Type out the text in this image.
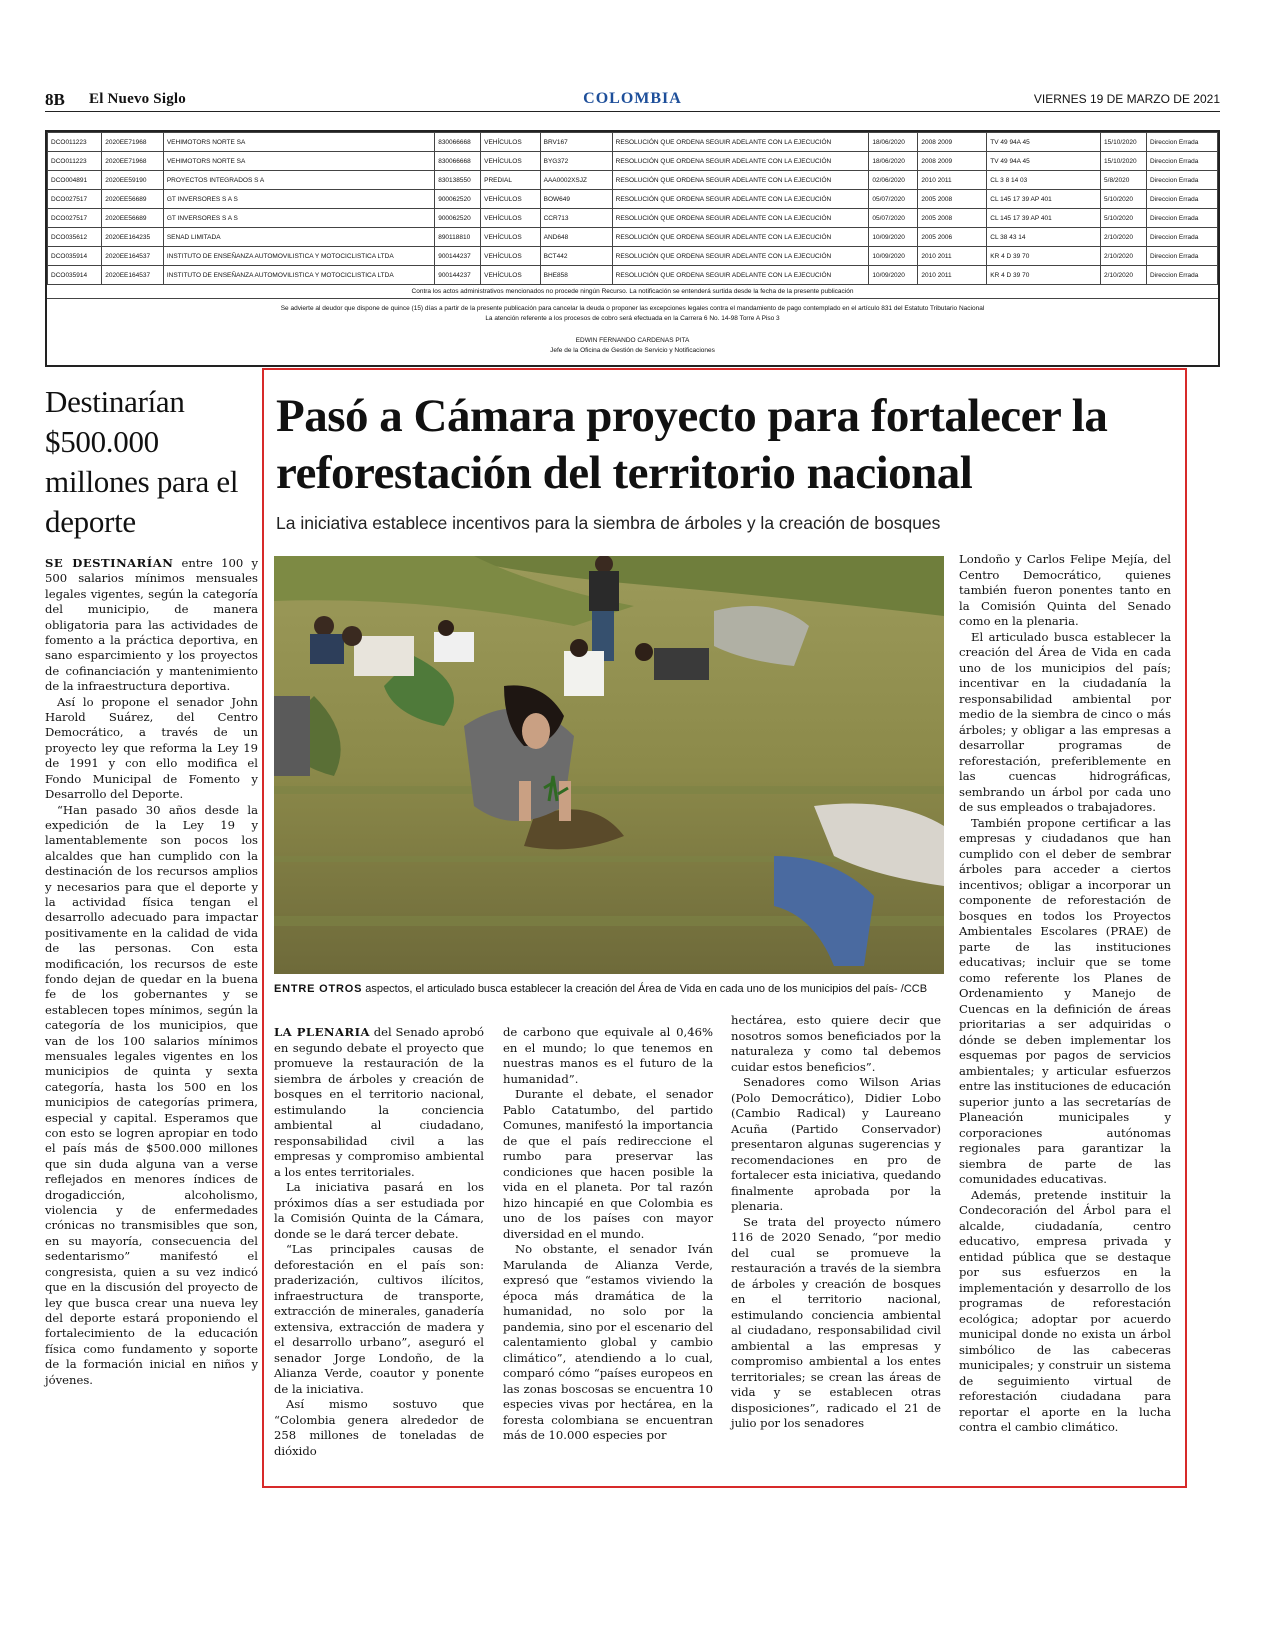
8B El Nuevo Siglo	COLOMBIA	VIERNES 19 DE MARZO DE 2021
DCO011223	2020EE71968	VEHIMOTORS NORTE SA	830066668	VEHÍCULOS	BRV167	RESOLUCIÓN QUE ORDENA SEGUIR ADELANTE CON LA EJECUCIÓN	18/06/2020	2008 2009	TV 49 94A 45	15/10/2020	Direccion Errada
DCO011223	2020EE71968	VEHIMOTORS NORTE SA	830066668	VEHÍCULOS	BYG372	RESOLUCIÓN QUE ORDENA SEGUIR ADELANTE CON LA EJECUCIÓN	18/06/2020	2008 2009	TV 49 94A 45	15/10/2020	Direccion Errada
DCO004891	2020EE59190	PROYECTOS INTEGRADOS S A	830138550	PREDIAL	AAA0002XSJZ	RESOLUCIÓN QUE ORDENA SEGUIR ADELANTE CON LA EJECUCIÓN	02/06/2020	2010 2011	CL 3 8 14 03	5/8/2020	Direccion Errada
DCO027517	2020EE56689	GT INVERSORES S A S	900062520	VEHÍCULOS	BOW649	RESOLUCIÓN QUE ORDENA SEGUIR ADELANTE CON LA EJECUCIÓN	05/07/2020	2005 2008	CL 145 17 39 AP 401	5/10/2020	Direccion Errada
DCO027517	2020EE56689	GT INVERSORES S A S	900062520	VEHÍCULOS	CCR713	RESOLUCIÓN QUE ORDENA SEGUIR ADELANTE CON LA EJECUCIÓN	05/07/2020	2005 2008	CL 145 17 39 AP 401	5/10/2020	Direccion Errada
DCO035612	2020EE164235	SENAD LIMITADA	890118810	VEHÍCULOS	AND648	RESOLUCIÓN QUE ORDENA SEGUIR ADELANTE CON LA EJECUCIÓN	10/09/2020	2005 2006	CL 38 43 14	2/10/2020	Direccion Errada
DCO035914	2020EE164537	INSTITUTO DE ENSEÑANZA AUTOMOVILISTICA Y MOTOCICLISTICA LTDA	900144237	VEHÍCULOS	BCT442	RESOLUCIÓN QUE ORDENA SEGUIR ADELANTE CON LA EJECUCIÓN	10/09/2020	2010 2011	KR 4 D 39 70	2/10/2020	Direccion Errada
DCO035914	2020EE164537	INSTITUTO DE ENSEÑANZA AUTOMOVILISTICA Y MOTOCICLISTICA LTDA	900144237	VEHÍCULOS	BHE858	RESOLUCIÓN QUE ORDENA SEGUIR ADELANTE CON LA EJECUCIÓN	10/09/2020	2010 2011	KR 4 D 39 70	2/10/2020	Direccion Errada
Contra los actos administrativos mencionados no procede ningún Recurso. La notificación se entenderá surtida desde la fecha de la presente publicación
Se advierte al deudor que dispone de quince (15) días a partir de la presente publicación para cancelar la deuda o proponer las excepciones legales contra el mandamiento de pago contemplado en el artículo 831 del Estatuto Tributario Nacional
La atención referente a los procesos de cobro será efectuada en la Carrera 6 No. 14-98 Torre A Piso 3
EDWIN FERNANDO CARDENAS PITA
Jefe de la Oficina de Gestión de Servicio y Notificaciones
Destinarían $500.000 millones para el deporte

SE DESTINARÍAN entre 100 y 500 salarios mínimos mensuales legales vigentes, según la categoría del municipio, de manera obligatoria para las actividades de fomento a la práctica deportiva, en sano esparcimiento y los proyectos de cofinanciación y mantenimiento de la infraestructura deportiva.

Así lo propone el senador John Harold Suárez, del Centro Democrático, a través de un proyecto ley que reforma la Ley 19 de 1991 y con ello modifica el Fondo Municipal de Fomento y Desarrollo del Deporte.

“Han pasado 30 años desde la expedición de la Ley 19 y lamentablemente son pocos los alcaldes que han cumplido con la destinación de los recursos amplios y necesarios para que el deporte y la actividad física tengan el desarrollo adecuado para impactar positivamente en la calidad de vida de las personas. Con esta modificación, los recursos de este fondo dejan de quedar en la buena fe de los gobernantes y se establecen topes mínimos, según la categoría de los municipios, que van de los 100 salarios mínimos mensuales legales vigentes en los municipios de quinta y sexta categoría, hasta los 500 en los municipios de categorías primera, especial y capital. Esperamos que con esto se logren apropiar en todo el país más de $500.000 millones que sin duda alguna van a verse reflejados en menores índices de drogadicción, alcoholismo, violencia y de enfermedades crónicas no transmisibles que son, en su mayoría, consecuencia del sedentarismo” manifestó el congresista, quien a su vez indicó que en la discusión del proyecto de ley que busca crear una nueva ley del deporte estará proponiendo el fortalecimiento de la educación física como fundamento y soporte de la formación inicial en niños y jóvenes.

Pasó a Cámara proyecto para fortalecer la reforestación del territorio nacional
La iniciativa establece incentivos para la siembra de árboles y la creación de bosques
ENTRE OTROS aspectos, el articulado busca establecer la creación del Área de Vida en cada uno de los municipios del país- /CCB

LA PLENARIA del Senado aprobó en segundo debate el proyecto que promueve la restauración de la siembra de árboles y creación de bosques en el territorio nacional, estimulando la conciencia ambiental al ciudadano, responsabilidad civil a las empresas y compromiso ambiental a los entes territoriales.

La iniciativa pasará en los próximos días a ser estudiada por la Comisión Quinta de la Cámara, donde se le dará tercer debate.

“Las principales causas de deforestación en el país son: praderización, cultivos ilícitos, infraestructura de transporte, extracción de minerales, ganadería extensiva, extracción de madera y el desarrollo urbano”, aseguró el senador Jorge Londoño, de la Alianza Verde, coautor y ponente de la iniciativa.

Así mismo sostuvo que “Colombia genera alrededor de 258 millones de toneladas de dióxido

de carbono que equivale al 0,46% en el mundo; lo que tenemos en nuestras manos es el futuro de la humanidad”.

Durante el debate, el senador Pablo Catatumbo, del partido Comunes, manifestó la importancia de que el país redireccione el rumbo para preservar las condiciones que hacen posible la vida en el planeta. Por tal razón hizo hincapié en que Colombia es uno de los países con mayor diversidad en el mundo.

No obstante, el senador Iván Marulanda de Alianza Verde, expresó que “estamos viviendo la época más dramática de la humanidad, no solo por la pandemia, sino por el escenario del calentamiento global y cambio climático”, atendiendo a lo cual, comparó cómo “países europeos en las zonas boscosas se encuentra 10 especies vivas por hectárea, en la foresta colombiana se encuentran más de 10.000 especies por

hectárea, esto quiere decir que nosotros somos beneficiados por la naturaleza y como tal debemos cuidar estos beneficios”.

Senadores como Wilson Arias (Polo Democrático), Didier Lobo (Cambio Radical) y Laureano Acuña (Partido Conservador) presentaron algunas sugerencias y recomendaciones en pro de fortalecer esta iniciativa, quedando finalmente aprobada por la plenaria.

Se trata del proyecto número 116 de 2020 Senado, “por medio del cual se promueve la restauración a través de la siembra de árboles y creación de bosques en el territorio nacional, estimulando conciencia ambiental al ciudadano, responsabilidad civil ambiental a las empresas y compromiso ambiental a los entes territoriales; se crean las áreas de vida y se establecen otras disposiciones”, radicado el 21 de julio por los senadores

Londoño y Carlos Felipe Mejía, del Centro Democrático, quienes también fueron ponentes tanto en la Comisión Quinta del Senado como en la plenaria.

El articulado busca establecer la creación del Área de Vida en cada uno de los municipios del país; incentivar en la ciudadanía la responsabilidad ambiental por medio de la siembra de cinco o más árboles; y obligar a las empresas a desarrollar programas de reforestación, preferiblemente en las cuencas hidrográficas, sembrando un árbol por cada uno de sus empleados o trabajadores.

También propone certificar a las empresas y ciudadanos que han cumplido con el deber de sembrar árboles para acceder a ciertos incentivos; obligar a incorporar un componente de reforestación de bosques en todos los Proyectos Ambientales Escolares (PRAE) de parte de las instituciones educativas; incluir que se tome como referente los Planes de Ordenamiento y Manejo de Cuencas en la definición de áreas prioritarias a ser adquiridas o dónde se deben implementar los esquemas por pagos de servicios ambientales; y articular esfuerzos entre las instituciones de educación superior junto a las secretarías de Planeación municipales y corporaciones autónomas regionales para garantizar la siembra de parte de las comunidades educativas.

Además, pretende instituir la Condecoración del Árbol para el alcalde, ciudadanía, centro educativo, empresa privada y entidad pública que se destaque por sus esfuerzos en la implementación y desarrollo de los programas de reforestación ecológica; adoptar por acuerdo municipal donde no exista un árbol simbólico de las cabeceras municipales; y construir un sistema de seguimiento virtual de reforestación ciudadana para reportar el aporte en la lucha contra el cambio climático.
